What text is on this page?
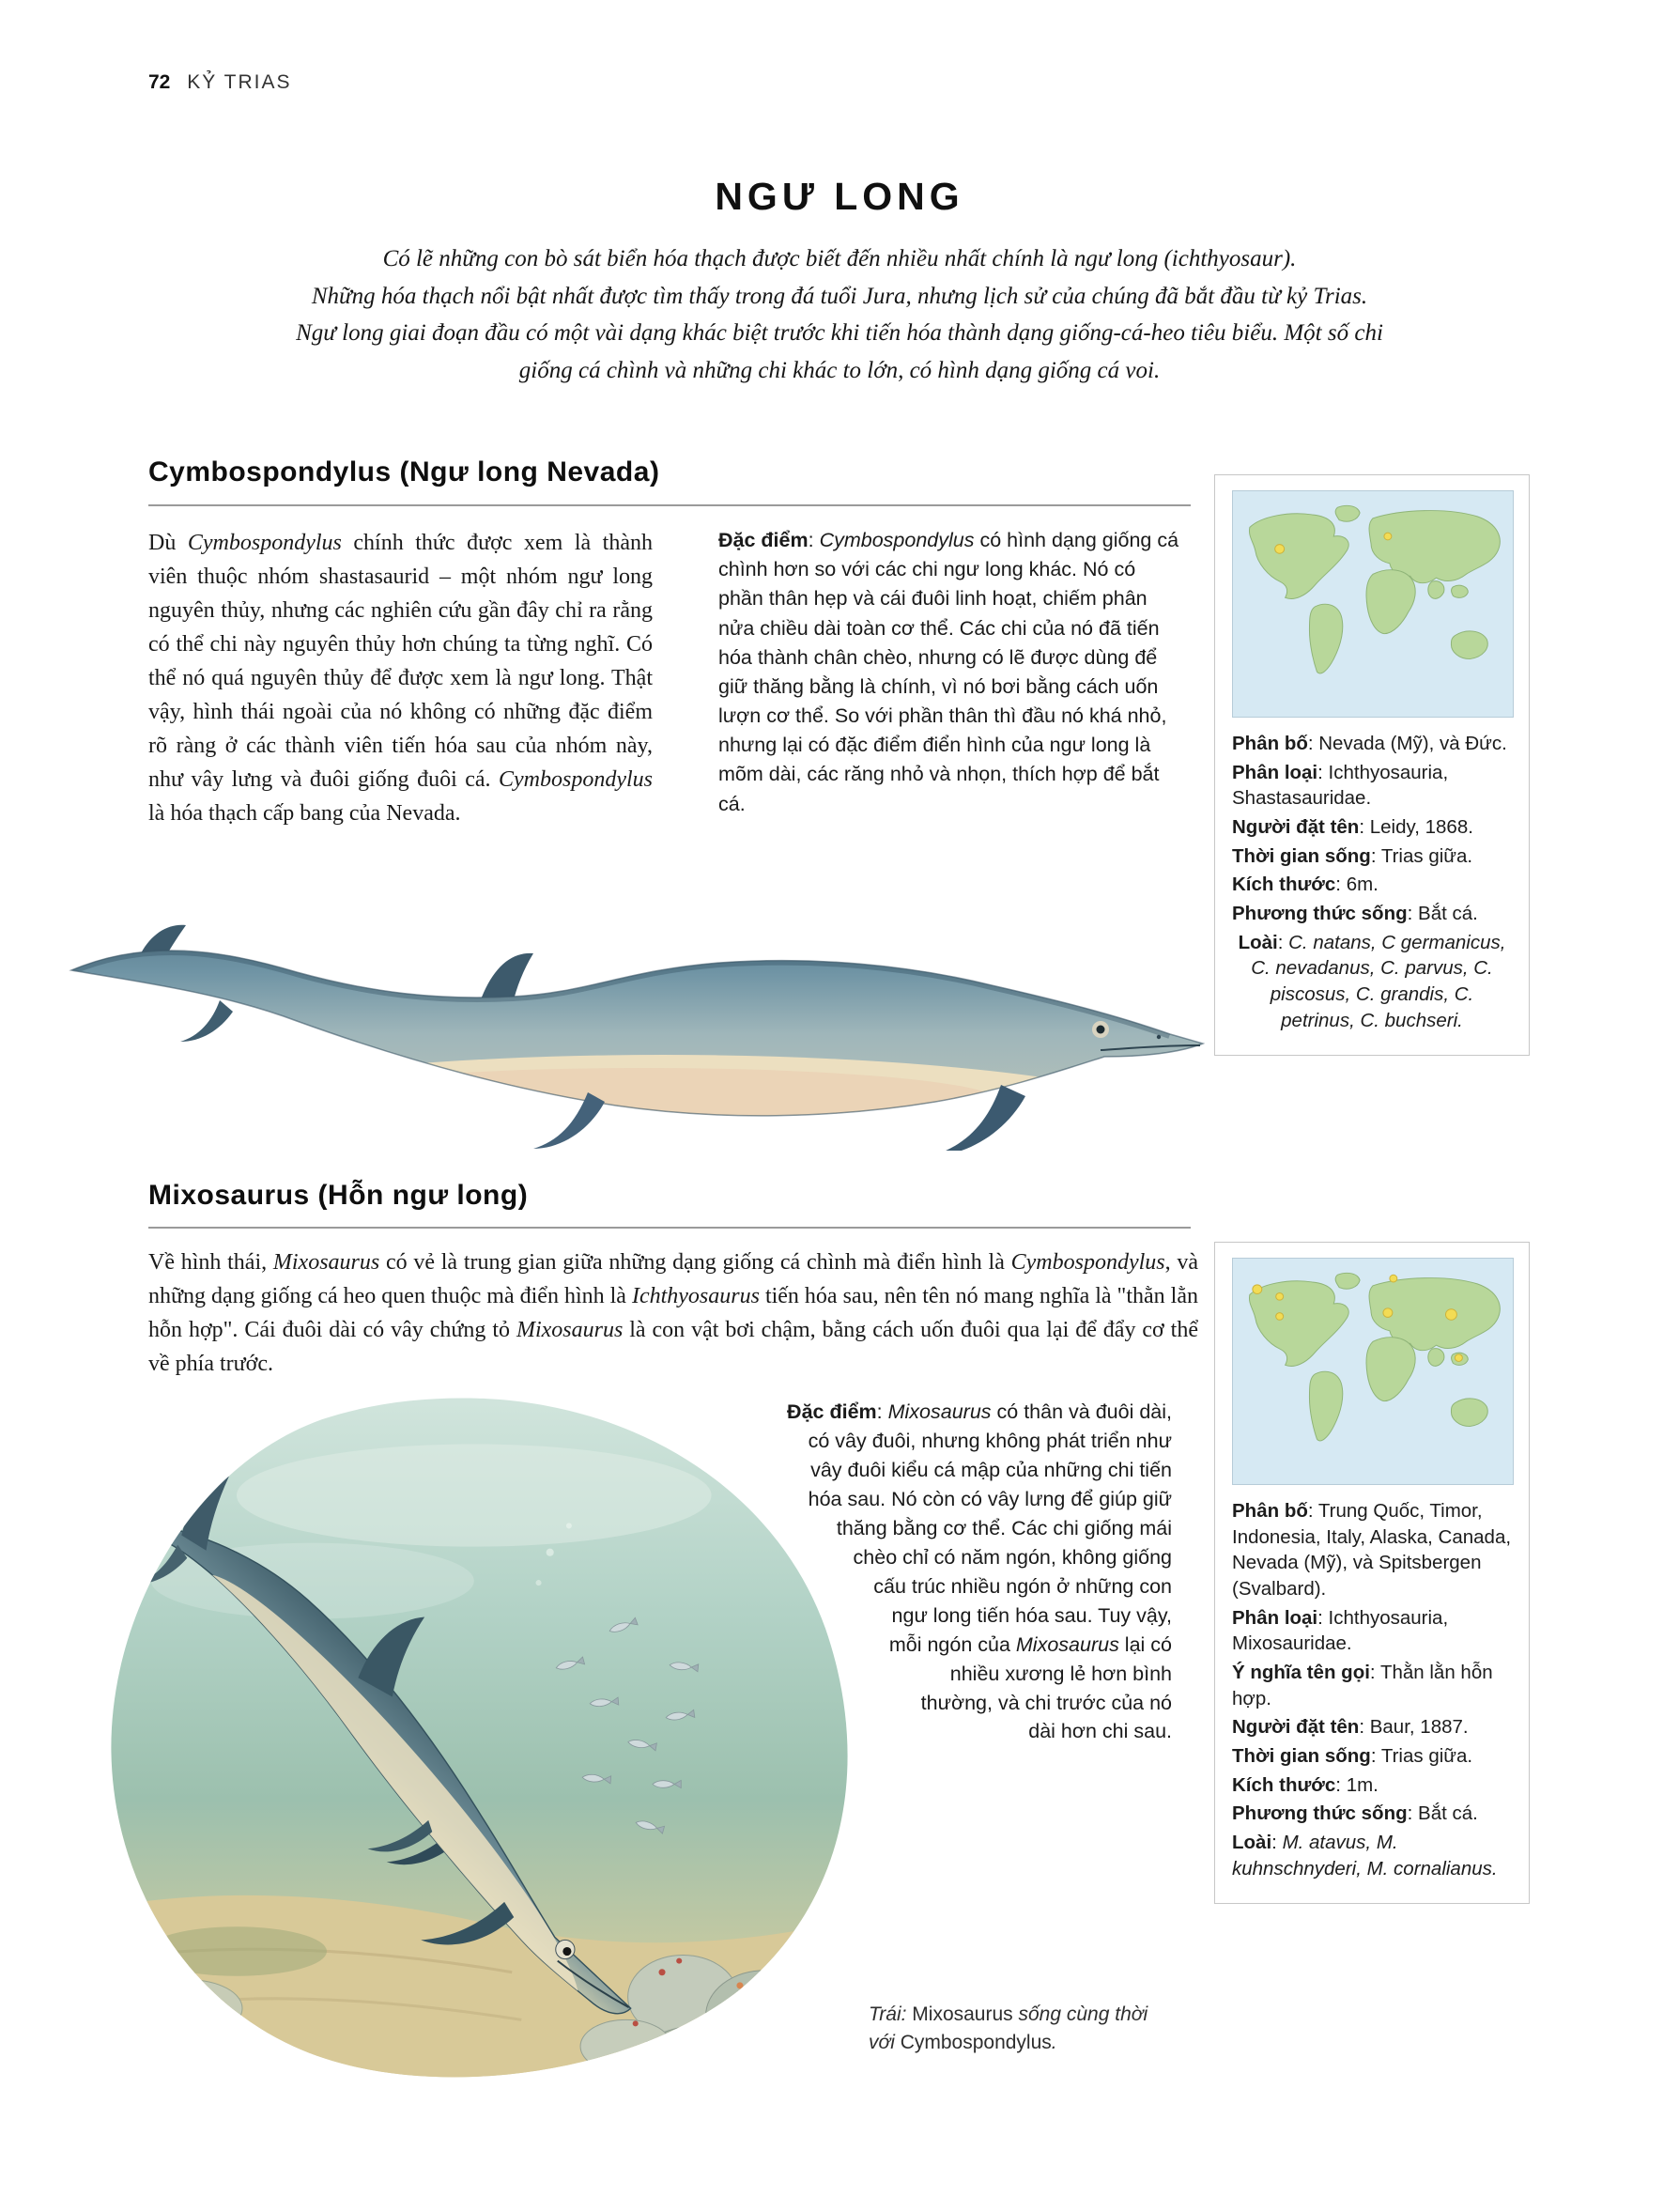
72 KỶ TRIAS
NGƯ LONG
Có lẽ những con bò sát biển hóa thạch được biết đến nhiều nhất chính là ngư long (ichthyosaur).
Những hóa thạch nổi bật nhất được tìm thấy trong đá tuổi Jura, nhưng lịch sử của chúng đã bắt đầu từ kỷ Trias.
Ngư long giai đoạn đầu có một vài dạng khác biệt trước khi tiến hóa thành dạng giống-cá-heo tiêu biểu. Một số chi
giống cá chình và những chi khác to lớn, có hình dạng giống cá voi.
Cymbospondylus (Ngư long Nevada)
Dù Cymbospondylus chính thức được xem là thành viên thuộc nhóm shastasaurid – một nhóm ngư long nguyên thủy, nhưng các nghiên cứu gần đây chỉ ra rằng có thể chi này nguyên thủy hơn chúng ta từng nghĩ. Có thể nó quá nguyên thủy để được xem là ngư long. Thật vậy, hình thái ngoài của nó không có những đặc điểm rõ ràng ở các thành viên tiến hóa sau của nhóm này, như vây lưng và đuôi giống đuôi cá. Cymbospondylus là hóa thạch cấp bang của Nevada.
Đặc điểm: Cymbospondylus có hình dạng giống cá chình hơn so với các chi ngư long khác. Nó có phần thân hẹp và cái đuôi linh hoạt, chiếm phân nửa chiều dài toàn cơ thể. Các chi của nó đã tiến hóa thành chân chèo, nhưng có lẽ được dùng để giữ thăng bằng là chính, vì nó bơi bằng cách uốn lượn cơ thể. So với phần thân thì đầu nó khá nhỏ, nhưng lại có đặc điểm điển hình của ngư long là mõm dài, các răng nhỏ và nhọn, thích hợp để bắt cá.
Phân bố: Nevada (Mỹ), và Đức.
Phân loại: Ichthyosauria, Shastasauridae.
Người đặt tên: Leidy, 1868.
Thời gian sống: Trias giữa.
Kích thước: 6m.
Phương thức sống: Bắt cá.
Loài: C. natans, C germanicus, C. nevadanus, C. parvus, C. piscosus, C. grandis, C. petrinus, C. buchseri.
Mixosaurus (Hỗn ngư long)
Về hình thái, Mixosaurus có vẻ là trung gian giữa những dạng giống cá chình mà điển hình là Cymbospondylus, và những dạng giống cá heo quen thuộc mà điển hình là Ichthyosaurus tiến hóa sau, nên tên nó mang nghĩa là "thằn lằn hỗn hợp". Cái đuôi dài có vây chứng tỏ Mixosaurus là con vật bơi chậm, bằng cách uốn đuôi qua lại để đẩy cơ thể về phía trước.
Đặc điểm: Mixosaurus có thân và đuôi dài, có vây đuôi, nhưng không phát triển như vây đuôi kiểu cá mập của những chi tiến hóa sau. Nó còn có vây lưng để giúp giữ thăng bằng cơ thể. Các chi giống mái chèo chỉ có năm ngón, không giống cấu trúc nhiều ngón ở những con ngư long tiến hóa sau. Tuy vậy, mỗi ngón của Mixosaurus lại có nhiều xương lẻ hơn bình thường, và chi trước của nó dài hơn chi sau.
Phân bố: Trung Quốc, Timor, Indonesia, Italy, Alaska, Canada, Nevada (Mỹ), và Spitsbergen (Svalbard).
Phân loại: Ichthyosauria, Mixosauridae.
Ý nghĩa tên gọi: Thằn lằn hỗn hợp.
Người đặt tên: Baur, 1887.
Thời gian sống: Trias giữa.
Kích thước: 1m.
Phương thức sống: Bắt cá.
Loài: M. atavus, M. kuhnschnyderi, M. cornalianus.
Trái: Mixosaurus sống cùng thời với Cymbospondylus.
